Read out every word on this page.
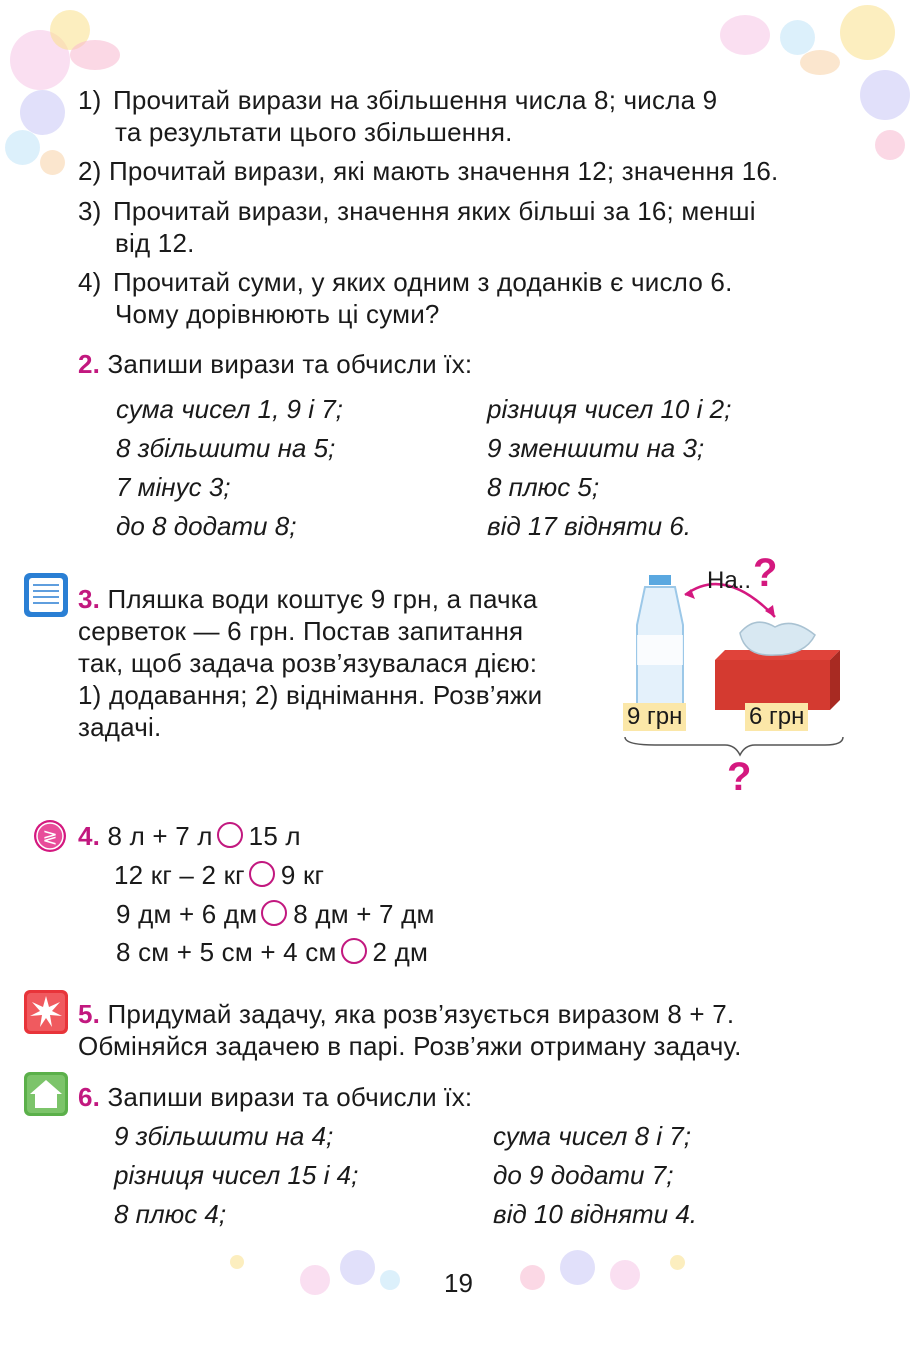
1) Прочитай вирази на збільшення числа 8; числа 9
та результати цього збільшення.
2) Прочитай вирази, які мають значення 12; значення 16.
3) Прочитай вирази, значення яких більші за 16; менші
від 12.
4) Прочитай суми, у яких одним з доданків є число 6.
Чому дорівнюють ці суми?
2. Запиши вирази та обчисли їх:
сума чисел 1, 9 і 7;
8 збільшити на 5;
7 мінус 3;
до 8 додати 8;
різниця чисел 10 і 2;
9 зменшити на 3;
8 плюс 5;
від 17 відняти 6.
3. Пляшка води коштує 9 грн, а пачка
серветок — 6 грн. Постав запитання
так, щоб задача розв’язувалася дією:
1) додавання; 2) віднімання. Розв’яжи
задачі.
На.. ?
9 грн	6 грн
?
≷ 4. 8 л + 7 л 15 л
12 кг – 2 кг 9 кг
9 дм + 6 дм 8 дм + 7 дм
8 см + 5 см + 4 см 2 дм
5. Придумай задачу, яка розв’язується виразом 8 + 7.
Обміняйся задачею в парі. Розв’яжи отриману задачу.
6. Запиши вирази та обчисли їх:
9 збільшити на 4;
різниця чисел 15 і 4;
8 плюс 4;
сума чисел 8 і 7;
до 9 додати 7;
від 10 відняти 4.
19
